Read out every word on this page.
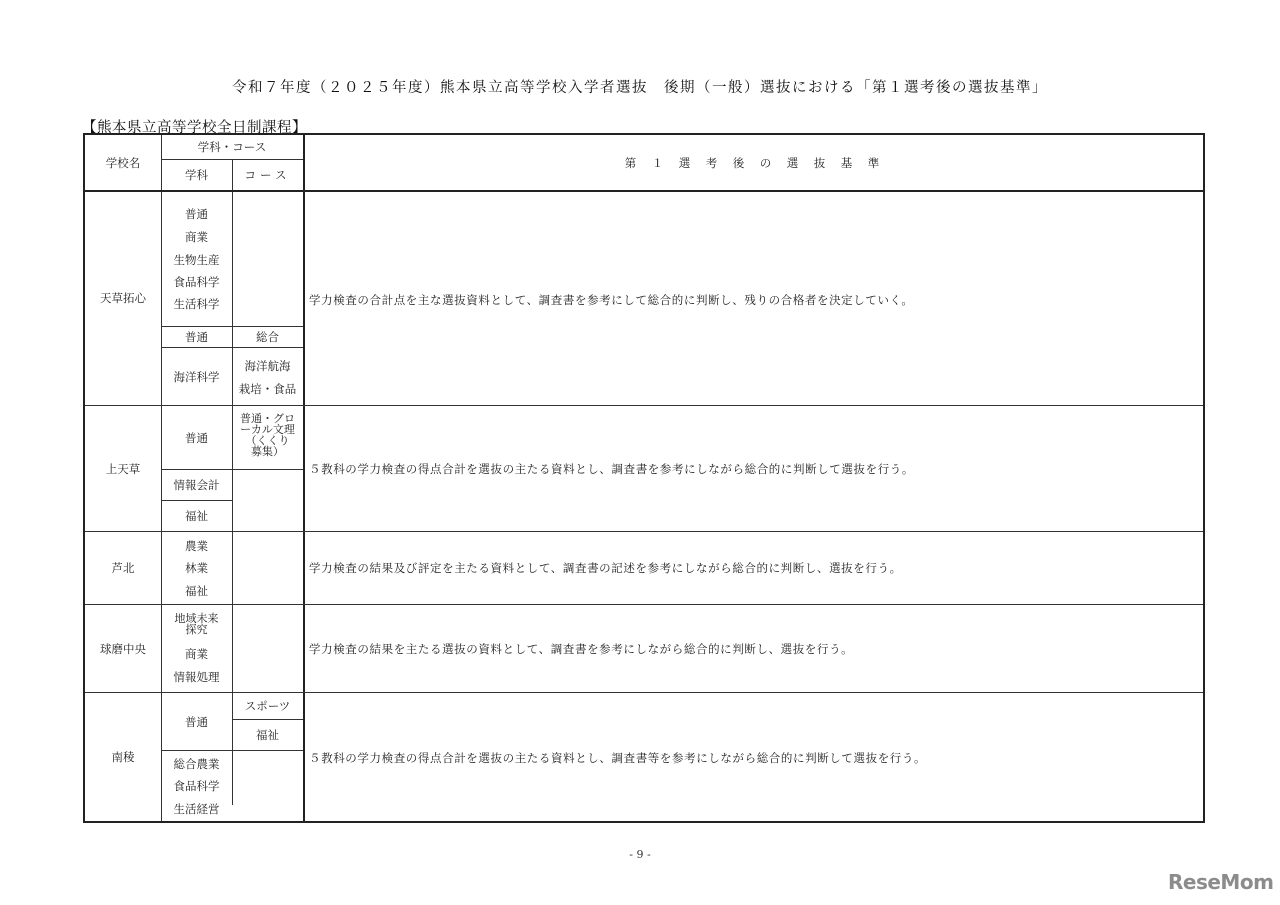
令和７年度（２０２５年度）熊本県立高等学校入学者選抜　後期（一般）選抜における「第１選考後の選抜基準」
【熊本県立高等学校全日制課程】
学校名
学科・コース
学科	コース
第　１　選　考　後　の　選　抜　基　準
天草拓心
普通
商業
生物生産
食品科学
生活科学
普通	総合
海洋科学
海洋航海
栽培・食品
学力検査の合計点を主な選抜資料として、調査書を参考にして総合的に判断し、残りの合格者を決定していく。
上天草
普通
普通・グロ
ーカル文理
（くくり
募集）
情報会計
福祉
５教科の学力検査の得点合計を選抜の主たる資料とし、調査書を参考にしながら総合的に判断して選抜を行う。
芦北
農業
林業
福祉
学力検査の結果及び評定を主たる資料として、調査書の記述を参考にしながら総合的に判断し、選抜を行う。
球磨中央
地域未来
探究
商業
情報処理
学力検査の結果を主たる選抜の資料として、調査書を参考にしながら総合的に判断し、選抜を行う。
南稜
普通
スポーツ
福祉
総合農業
食品科学
生活経営
５教科の学力検査の得点合計を選抜の主たる資料とし、調査書等を参考にしながら総合的に判断して選抜を行う。
- 9 -
ReseMom
